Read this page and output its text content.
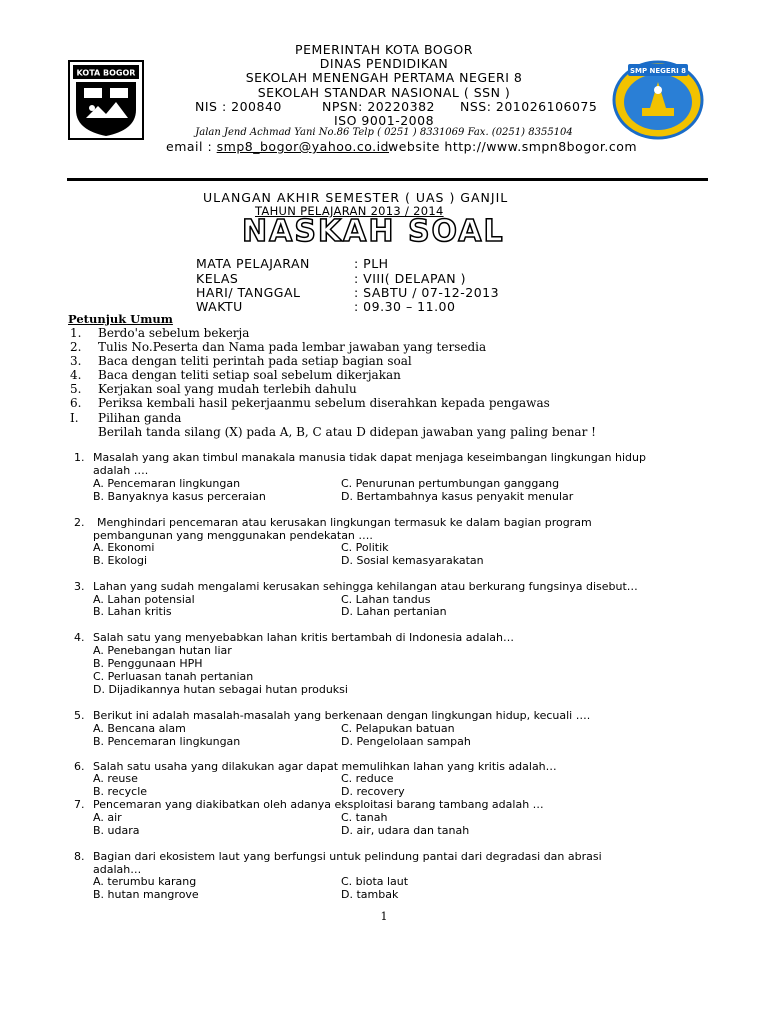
KOTA BOGOR	SMP NEGERI 8
PEMERINTAH KOTA BOGOR
DINAS PENDIDIKAN
SEKOLAH MENENGAH PERTAMA NEGERI 8
SEKOLAH STANDAR NASIONAL ( SSN )
NIS : 200840	NPSN: 20220382 NSS: 201026106075
ISO 9001-2008
Jalan Jend Achmad Yani No.86 Telp ( 0251 ) 8331069 Fax. (0251) 8355104
email : smp8_bogor@yahoo.co.id website http://www.smpn8bogor.com
ULANGAN AKHIR SEMESTER ( UAS ) GANJIL
TAHUN PELAJARAN 2013 / 2014
NASKAH SOAL
MATA PELAJARAN	: PLH
KELAS	: VIII( DELAPAN )
HARI/ TANGGAL	: SABTU / 07-12-2013
WAKTU	: 09.30 – 11.00
Petunjuk Umum
1. Berdo'a sebelum bekerja
2. Tulis No.Peserta dan Nama pada lembar jawaban yang tersedia
3. Baca dengan teliti perintah pada setiap bagian soal
4. Baca dengan teliti setiap soal sebelum dikerjakan
5. Kerjakan soal yang mudah terlebih dahulu
6. Periksa kembali hasil pekerjaanmu sebelum diserahkan kepada pengawas
I. Pilihan ganda
Berilah tanda silang (X) pada A, B, C atau D didepan jawaban yang paling benar !
1. Masalah yang akan timbul manakala manusia tidak dapat menjaga keseimbangan lingkungan hidup
adalah ….
A. Pencemaran lingkungan	C. Penurunan pertumbungan ganggang
B. Banyaknya kasus perceraian	D. Bertambahnya kasus penyakit menular
2. Menghindari pencemaran atau kerusakan lingkungan termasuk ke dalam bagian program
pembangunan yang menggunakan pendekatan ….
A. Ekonomi	C. Politik
B. Ekologi	D. Sosial kemasyarakatan
3. Lahan yang sudah mengalami kerusakan sehingga kehilangan atau berkurang fungsinya disebut…
A. Lahan potensial	C. Lahan tandus
B. Lahan kritis	D. Lahan pertanian
4. Salah satu yang menyebabkan lahan kritis bertambah di Indonesia adalah…
A. Penebangan hutan liar
B. Penggunaan HPH
C. Perluasan tanah pertanian
D. Dijadikannya hutan sebagai hutan produksi
5. Berikut ini adalah masalah-masalah yang berkenaan dengan lingkungan hidup, kecuali ….
A. Bencana alam	C. Pelapukan batuan
B. Pencemaran lingkungan	D. Pengelolaan sampah
6. Salah satu usaha yang dilakukan agar dapat memulihkan lahan yang kritis adalah…
A. reuse	C. reduce
B. recycle	D. recovery
7. Pencemaran yang diakibatkan oleh adanya eksploitasi barang tambang adalah …
A. air	C. tanah
B. udara	D. air, udara dan tanah
8. Bagian dari ekosistem laut yang berfungsi untuk pelindung pantai dari degradasi dan abrasi
adalah…
A. terumbu karang	C. biota laut
B. hutan mangrove	D. tambak
1
